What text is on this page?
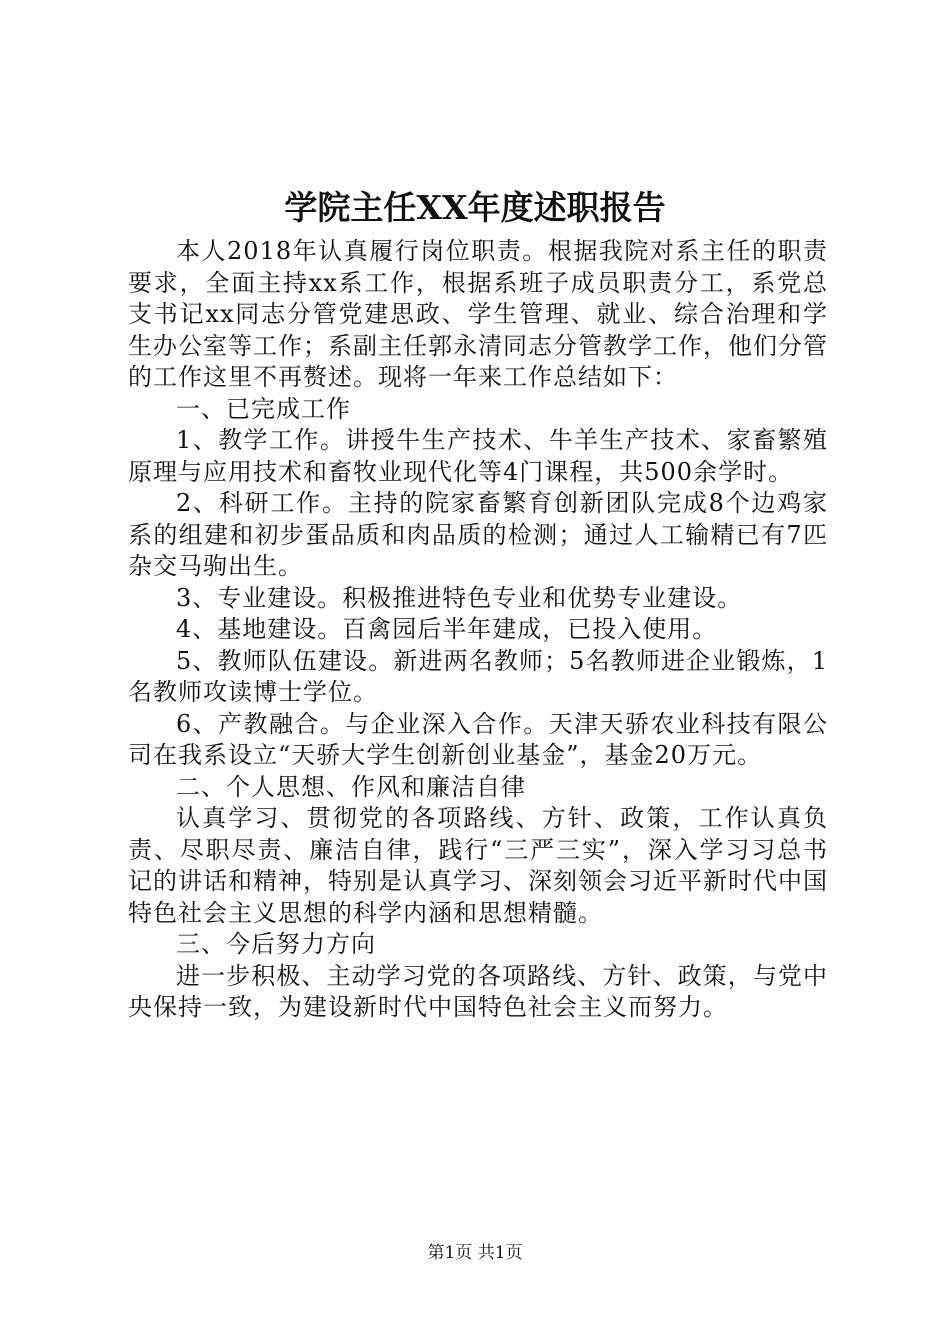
学院主任XX年度述职报告

本人2018年认真履行岗位职责。根据我院对系主任的职责要求，全面主持xx系工作，根据系班子成员职责分工，系党总支书记xx同志分管党建思政、学生管理、就业、综合治理和学生办公室等工作；系副主任郭永清同志分管教学工作，他们分管的工作这里不再赘述。现将一年来工作总结如下：

一、已完成工作

1、教学工作。讲授牛生产技术、牛羊生产技术、家畜繁殖原理与应用技术和畜牧业现代化等4门课程，共500余学时。

2、科研工作。主持的院家畜繁育创新团队完成8个边鸡家系的组建和初步蛋品质和肉品质的检测；通过人工输精已有7匹杂交马驹出生。

3、专业建设。积极推进特色专业和优势专业建设。

4、基地建设。百禽园后半年建成，已投入使用。

5、教师队伍建设。新进两名教师；5名教师进企业锻炼，1名教师攻读博士学位。

6、产教融合。与企业深入合作。天津天骄农业科技有限公司在我系设立“天骄大学生创新创业基金”，基金20万元。

二、个人思想、作风和廉洁自律

认真学习、贯彻党的各项路线、方针、政策，工作认真负责、尽职尽责、廉洁自律，践行“三严三实”，深入学习习总书记的讲话和精神，特别是认真学习、深刻领会习近平新时代中国特色社会主义思想的科学内涵和思想精髓。

三、今后努力方向

进一步积极、主动学习党的各项路线、方针、政策，与党中央保持一致，为建设新时代中国特色社会主义而努力。

第1页 共1页
